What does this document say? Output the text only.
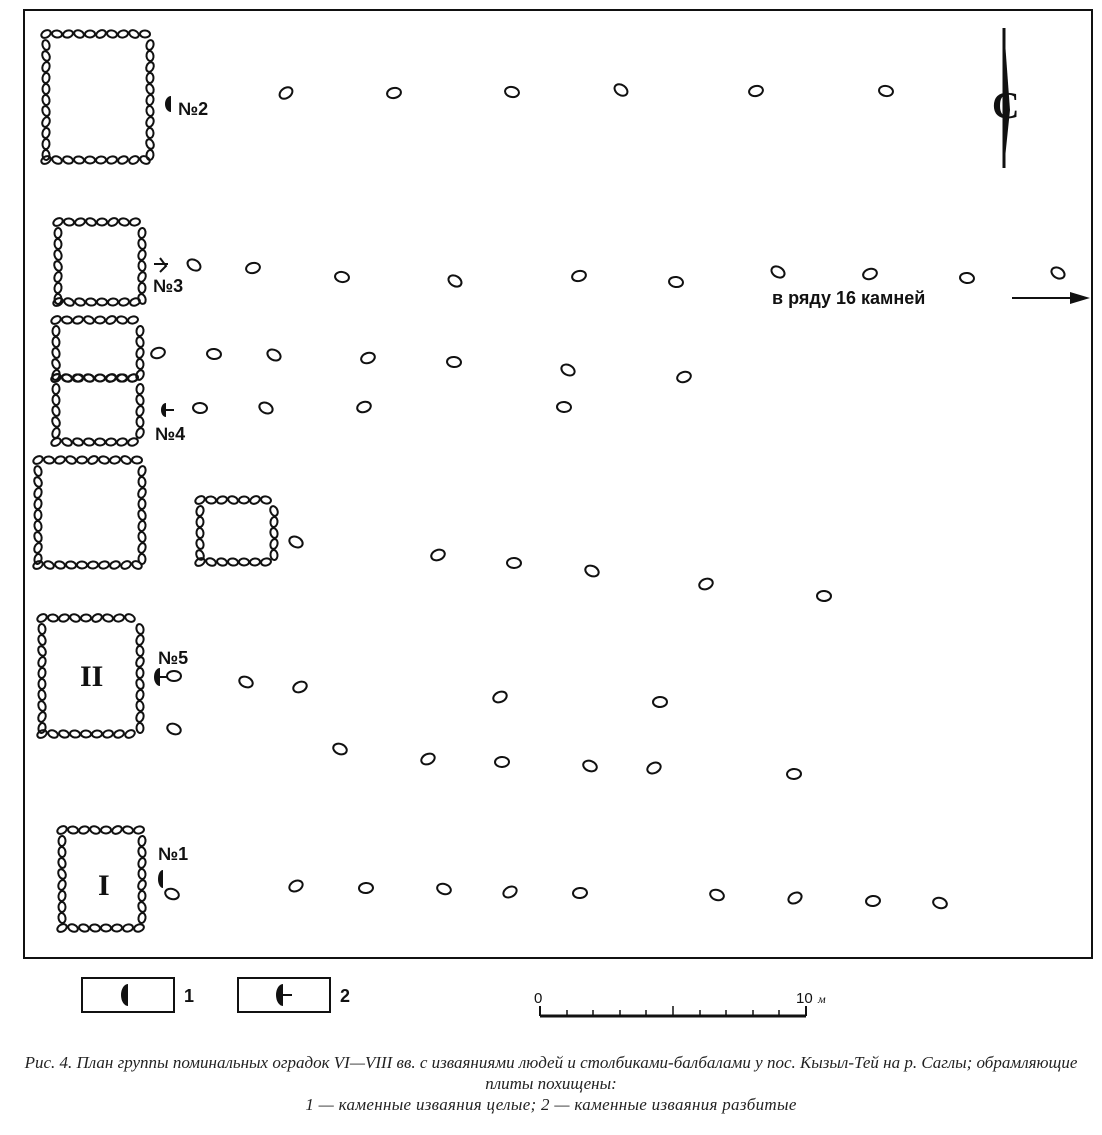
№2
№3
№4
№5
№1
II
I
С
в ряду 16 камней
1	2	0	10 м
Рис. 4. План группы поминальных оградок VI—VIII вв. с изваяниями людей и столбиками-балбалами у пос. Кызыл-Тей на р. Саглы; обрамляющие плиты похищены:
1 — каменные изваяния целые; 2 — каменные изваяния разбитые
